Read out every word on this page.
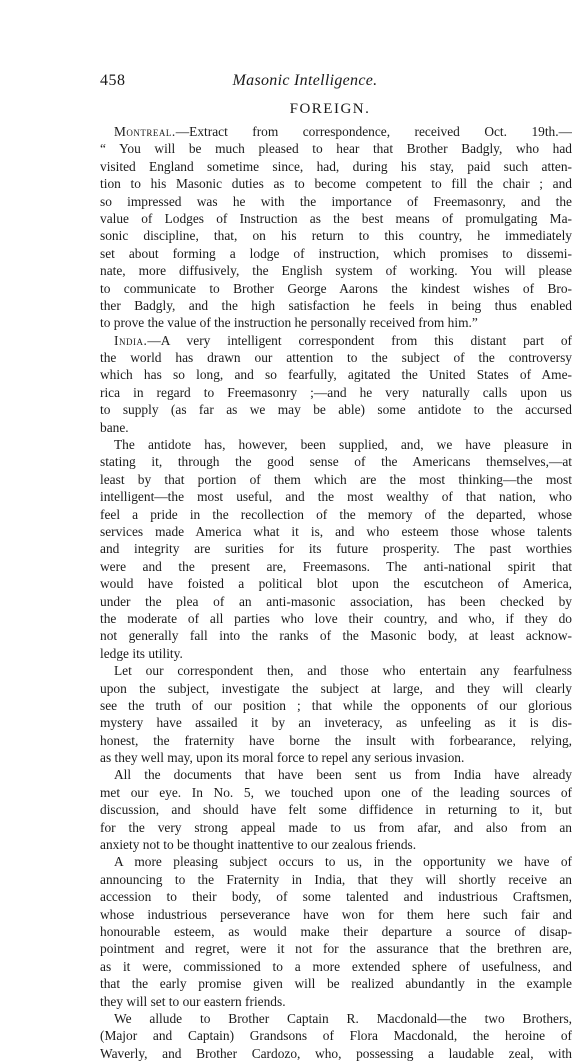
458	Masonic Intelligence.
FOREIGN.
Montreal.—Extract from correspondence, received Oct. 19th.—
“ You will be much pleased to hear that Brother Badgly, who had
visited England sometime since, had, during his stay, paid such atten-
tion to his Masonic duties as to become competent to fill the chair ; and
so impressed was he with the importance of Freemasonry, and the
value of Lodges of Instruction as the best means of promulgating Ma-
sonic discipline, that, on his return to this country, he immediately
set about forming a lodge of instruction, which promises to dissemi-
nate, more diffusively, the English system of working. You will please
to communicate to Brother George Aarons the kindest wishes of Bro-
ther Badgly, and the high satisfaction he feels in being thus enabled
to prove the value of the instruction he personally received from him.”
India.—A very intelligent correspondent from this distant part of
the world has drawn our attention to the subject of the controversy
which has so long, and so fearfully, agitated the United States of Ame-
rica in regard to Freemasonry ;—and he very naturally calls upon us
to supply (as far as we may be able) some antidote to the accursed
bane.
The antidote has, however, been supplied, and, we have pleasure in
stating it, through the good sense of the Americans themselves,—at
least by that portion of them which are the most thinking—the most
intelligent—the most useful, and the most wealthy of that nation, who
feel a pride in the recollection of the memory of the departed, whose
services made America what it is, and who esteem those whose talents
and integrity are surities for its future prosperity. The past worthies
were and the present are, Freemasons. The anti-national spirit that
would have foisted a political blot upon the escutcheon of America,
under the plea of an anti-masonic association, has been checked by
the moderate of all parties who love their country, and who, if they do
not generally fall into the ranks of the Masonic body, at least acknow-
ledge its utility.
Let our correspondent then, and those who entertain any fearfulness
upon the subject, investigate the subject at large, and they will clearly
see the truth of our position ; that while the opponents of our glorious
mystery have assailed it by an inveteracy, as unfeeling as it is dis-
honest, the fraternity have borne the insult with forbearance, relying,
as they well may, upon its moral force to repel any serious invasion.
All the documents that have been sent us from India have already
met our eye. In No. 5, we touched upon one of the leading sources of
discussion, and should have felt some diffidence in returning to it, but
for the very strong appeal made to us from afar, and also from an
anxiety not to be thought inattentive to our zealous friends.
A more pleasing subject occurs to us, in the opportunity we have of
announcing to the Fraternity in India, that they will shortly receive an
accession to their body, of some talented and industrious Craftsmen,
whose industrious perseverance have won for them here such fair and
honourable esteem, as would make their departure a source of disap-
pointment and regret, were it not for the assurance that the brethren are,
as it were, commissioned to a more extended sphere of usefulness, and
that the early promise given will be realized abundantly in the example
they will set to our eastern friends.
We allude to Brother Captain R. Macdonald—the two Brothers,
(Major and Captain) Grandsons of Flora Macdonald, the heroine of
Waverly, and Brother Cardozo, who, possessing a laudable zeal, with
